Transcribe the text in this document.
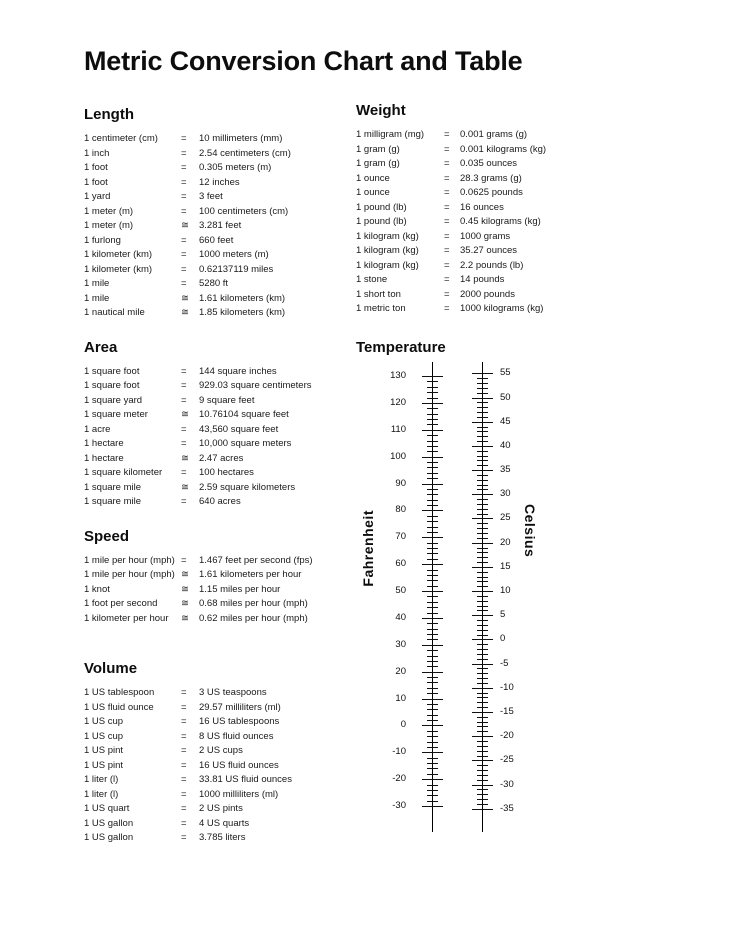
Metric Conversion Chart and Table
Length
1 centimeter (cm)	=	10 millimeters (mm)
1 inch	=	2.54 centimeters (cm)
1 foot	=	0.305 meters (m)
1 foot	=	12 inches
1 yard	=	3 feet
1 meter (m)	=	100 centimeters (cm)
1 meter (m)	≅	3.281 feet
1 furlong	=	660 feet
1 kilometer (km)	=	1000 meters (m)
1 kilometer (km)	=	0.62137119 miles
1 mile	=	5280 ft
1 mile	≅	1.61 kilometers (km)
1 nautical mile	≅	1.85 kilometers (km)
Area
1 square foot	=	144 square inches
1 square foot	=	929.03 square centimeters
1 square yard	=	9 square feet
1 square meter	≅	10.76104 square feet
1 acre	=	43,560 square feet
1 hectare	=	10,000 square meters
1 hectare	≅	2.47 acres
1 square kilometer	=	100 hectares
1 square mile	≅	2.59 square kilometers
1 square mile	=	640 acres
Speed
1 mile per hour (mph) =	1.467 feet per second (fps)
1 mile per hour (mph) ≅	1.61 kilometers per hour
1 knot	≅	1.15 miles per hour
1 foot per second	≅	0.68 miles per hour (mph)
1 kilometer per hour	≅	0.62 miles per hour (mph)
Volume
1 US tablespoon	=	3 US teaspoons
1 US fluid ounce	=	29.57 milliliters (ml)
1 US cup	=	16 US tablespoons
1 US cup	=	8 US fluid ounces
1 US pint	=	2 US cups
1 US pint	=	16 US fluid ounces
1 liter (l)	=	33.81 US fluid ounces
1 liter (l)	=	1000 milliliters (ml)
1 US quart	=	2 US pints
1 US gallon	=	4 US quarts
1 US gallon	=	3.785 liters
Weight
1 milligram (mg)	=	0.001 grams (g)
1 gram (g)	=	0.001 kilograms (kg)
1 gram (g)	=	0.035 ounces
1 ounce	=	28.3 grams (g)
1 ounce	=	0.0625 pounds
1 pound (lb)	=	16 ounces
1 pound (lb)	=	0.45 kilograms (kg)
1 kilogram (kg)	=	1000 grams
1 kilogram (kg)	=	35.27 ounces
1 kilogram (kg)	=	2.2 pounds (lb)
1 stone	=	14 pounds
1 short ton	=	2000 pounds
1 metric ton	=	1000 kilograms (kg)
Temperature
Fahrenheit	Celsius
130
120
110
100
90
80
70
60
50
40
30
20
10
0
-10
-20
-30
55
50
45
40
35
30
25
20
15
10
5
0
-5
-10
-15
-20
-25
-30
-35
